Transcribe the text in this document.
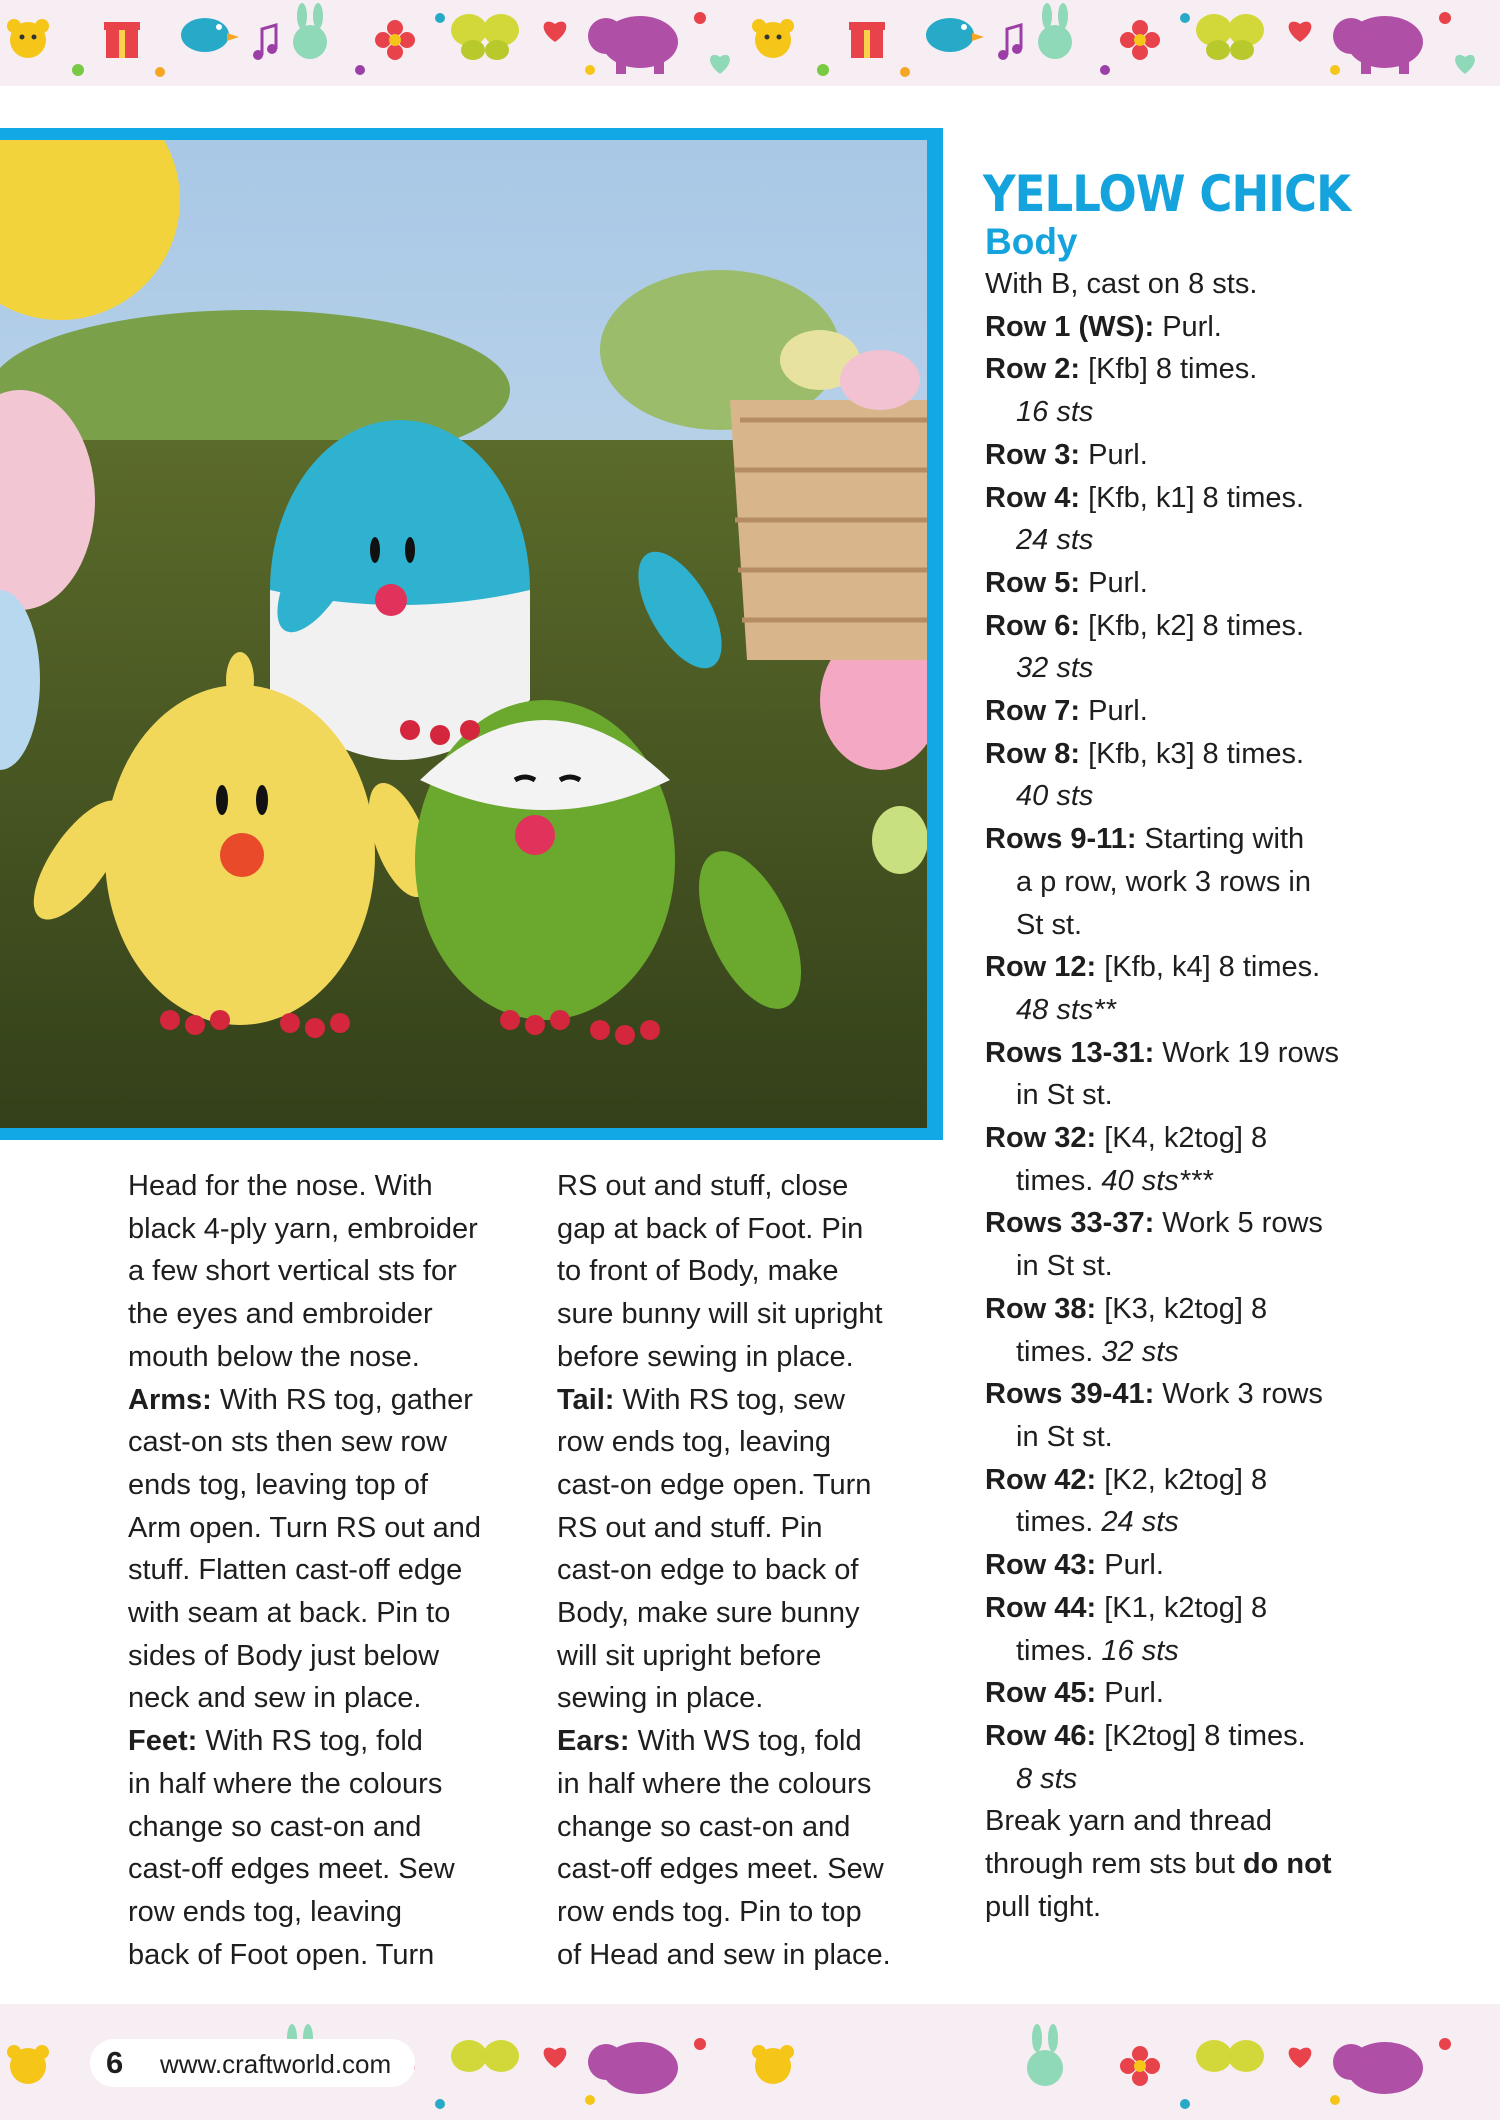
Head for the nose. With

black 4-ply yarn, embroider

a few short vertical sts for

the eyes and embroider

mouth below the nose.

Arms: With RS tog, gather

cast-on sts then sew row

ends tog, leaving top of

Arm open. Turn RS out and

stuff. Flatten cast-off edge

with seam at back. Pin to

sides of Body just below

neck and sew in place.

Feet: With RS tog, fold

in half where the colours

change so cast-on and

cast-off edges meet. Sew

row ends tog, leaving

back of Foot open. Turn

RS out and stuff, close

gap at back of Foot. Pin

to front of Body, make

sure bunny will sit upright

before sewing in place.

Tail: With RS tog, sew

row ends tog, leaving

cast-on edge open. Turn

RS out and stuff. Pin

cast-on edge to back of

Body, make sure bunny

will sit upright before

sewing in place.

Ears: With WS tog, fold

in half where the colours

change so cast-on and

cast-off edges meet. Sew

row ends tog. Pin to top

of Head and sew in place.

YELLOW CHICK
Body

With B, cast on 8 sts.

Row 1 (WS): Purl.

Row 2: [Kfb] 8 times.

16 sts

Row 3: Purl.

Row 4: [Kfb, k1] 8 times.

24 sts

Row 5: Purl.

Row 6: [Kfb, k2] 8 times.

32 sts

Row 7: Purl.

Row 8: [Kfb, k3] 8 times.

40 sts

Rows 9-11: Starting with

a p row, work 3 rows in

St st.

Row 12: [Kfb, k4] 8 times.

48 sts**

Rows 13-31: Work 19 rows

in St st.

Row 32: [K4, k2tog] 8

times. 40 sts***

Rows 33-37: Work 5 rows

in St st.

Row 38: [K3, k2tog] 8

times. 32 sts

Rows 39-41: Work 3 rows

in St st.

Row 42: [K2, k2tog] 8

times. 24 sts

Row 43: Purl.

Row 44: [K1, k2tog] 8

times. 16 sts

Row 45: Purl.

Row 46: [K2tog] 8 times.

8 sts

Break yarn and thread

through rem sts but do not

pull tight.

6 www.craftworld.com
